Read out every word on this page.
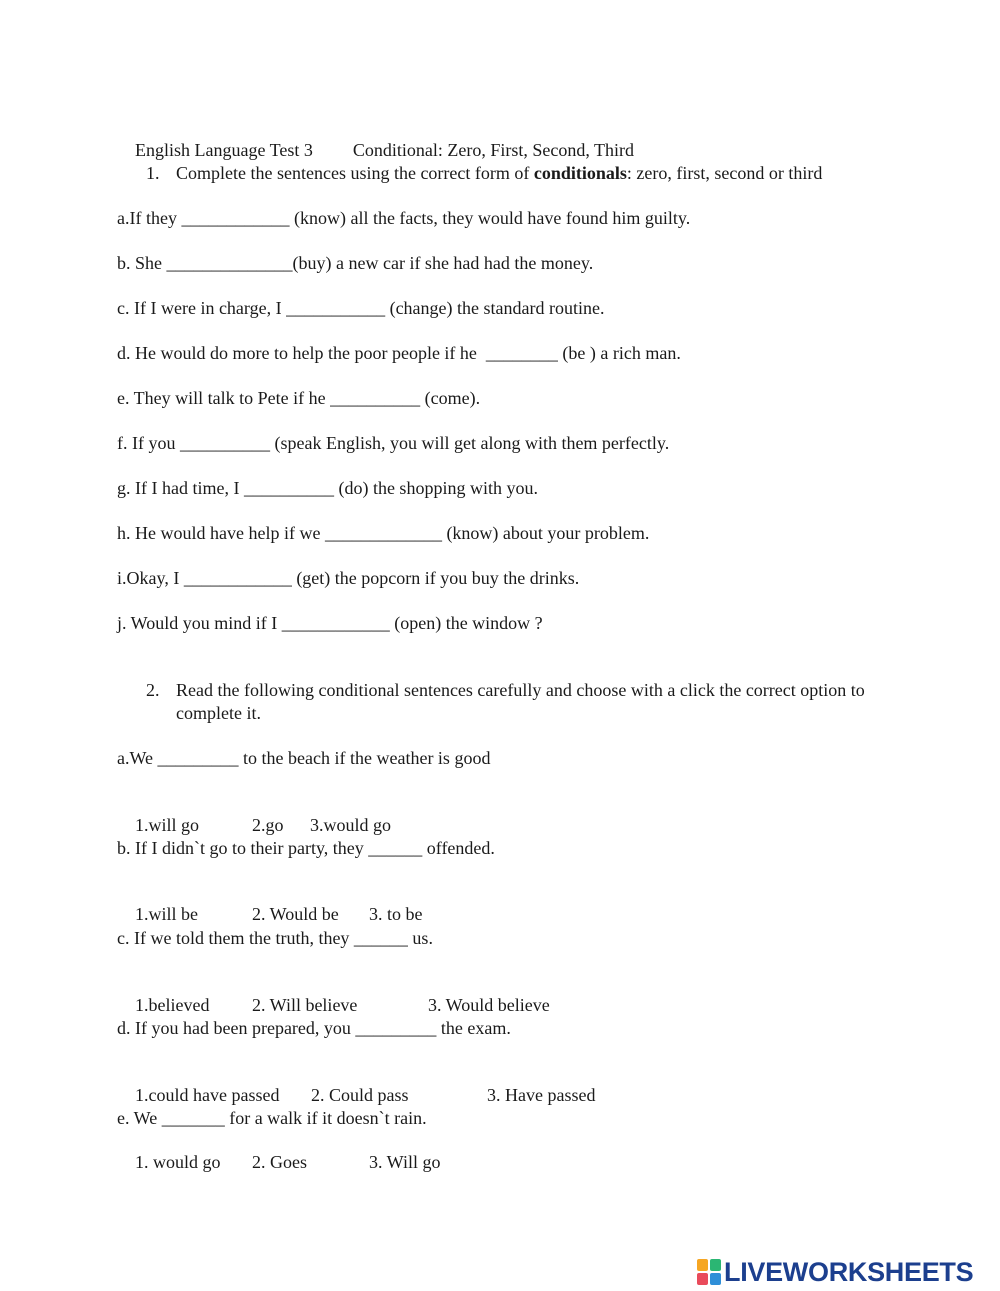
English Language Test 3 Conditional: Zero, First, Second, Third

1. Complete the sentences using the correct form of conditionals: zero, first, second or third

a.If they ____________ (know) all the facts, they would have found him guilty.

b. She ______________(buy) a new car if she had had the money.

c. If I were in charge, I ___________ (change) the standard routine.

d. He would do more to help the poor people if he  ________ (be ) a rich man.

e. They will talk to Pete if he __________ (come).

f. If you __________ (speak English, you will get along with them perfectly.

g. If I had time, I __________ (do) the shopping with you.

h. He would have help if we _____________ (know) about your problem.

i.Okay, I ____________ (get) the popcorn if you buy the drinks.

j. Would you mind if I ____________ (open) the window ?

2. Read the following conditional sentences carefully and choose with a click the correct option to complete it.

a.We _________ to the beach if the weather is good

1.will go	2.go 3.would go

b. If I didn`t go to their party, they ______ offended.

1.will be	2. Would be 3. to be

c. If we told them the truth, they ______ us.

1.believed 2. Will believe	3. Would believe

d. If you had been prepared, you _________ the exam.

1.could have passed 2. Could pass	3. Have passed

e. We _______ for a walk if it doesn`t rain.

1. would go 2. Goes	3. Will go

LIVEWORKSHEETS
